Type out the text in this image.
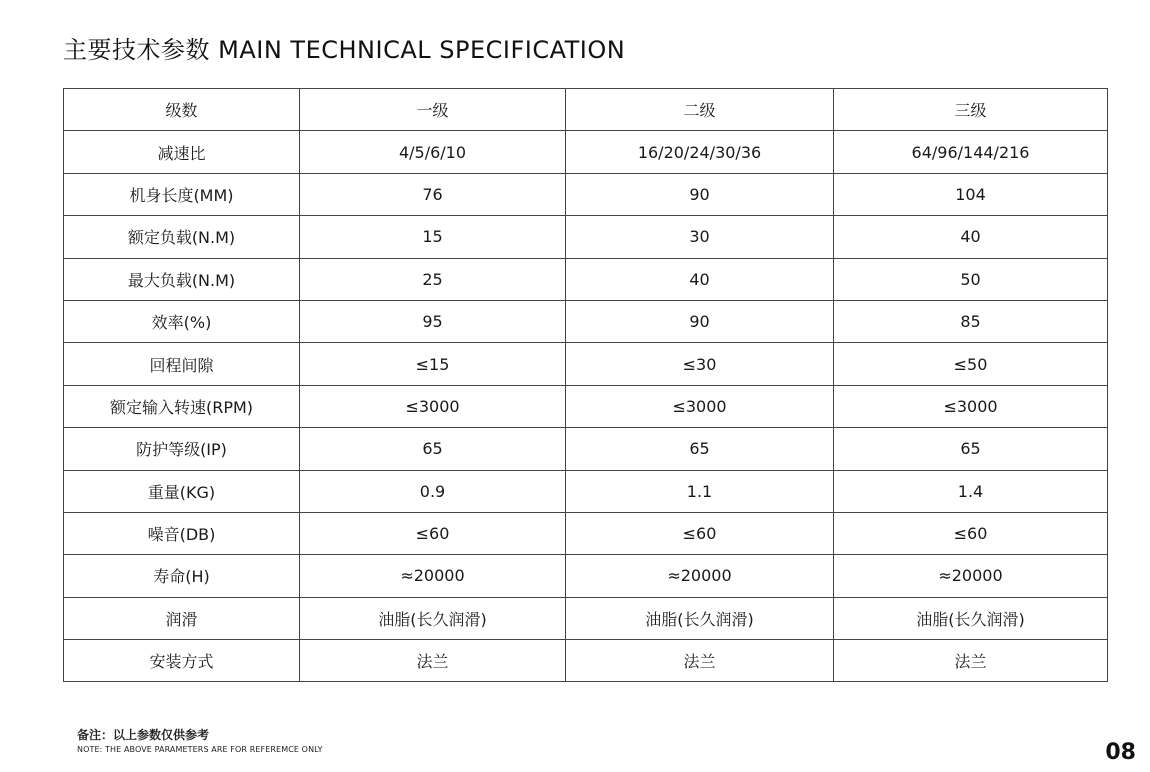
主要技术参数 MAIN TECHNICAL SPECIFICATION
级数	一级	二级	三级
减速比	4/5/6/10	16/20/24/30/36	64/96/144/216
机身长度(MM)	76	90	104
额定负载(N.M)	15	30	40
最大负载(N.M)	25	40	50
效率(%)	95	90	85
回程间隙	≤15	≤30	≤50
额定输入转速(RPM)	≤3000	≤3000	≤3000
防护等级(IP)	65	65	65
重量(KG)	0.9	1.1	1.4
噪音(DB)	≤60	≤60	≤60
寿命(H)	≈20000	≈20000	≈20000
润滑	油脂(长久润滑)	油脂(长久润滑)	油脂(长久润滑)
安装方式	法兰	法兰	法兰
备注：以上参数仅供参考
NOTE: THE ABOVE PARAMETERS ARE FOR REFEREMCE ONLY	08
